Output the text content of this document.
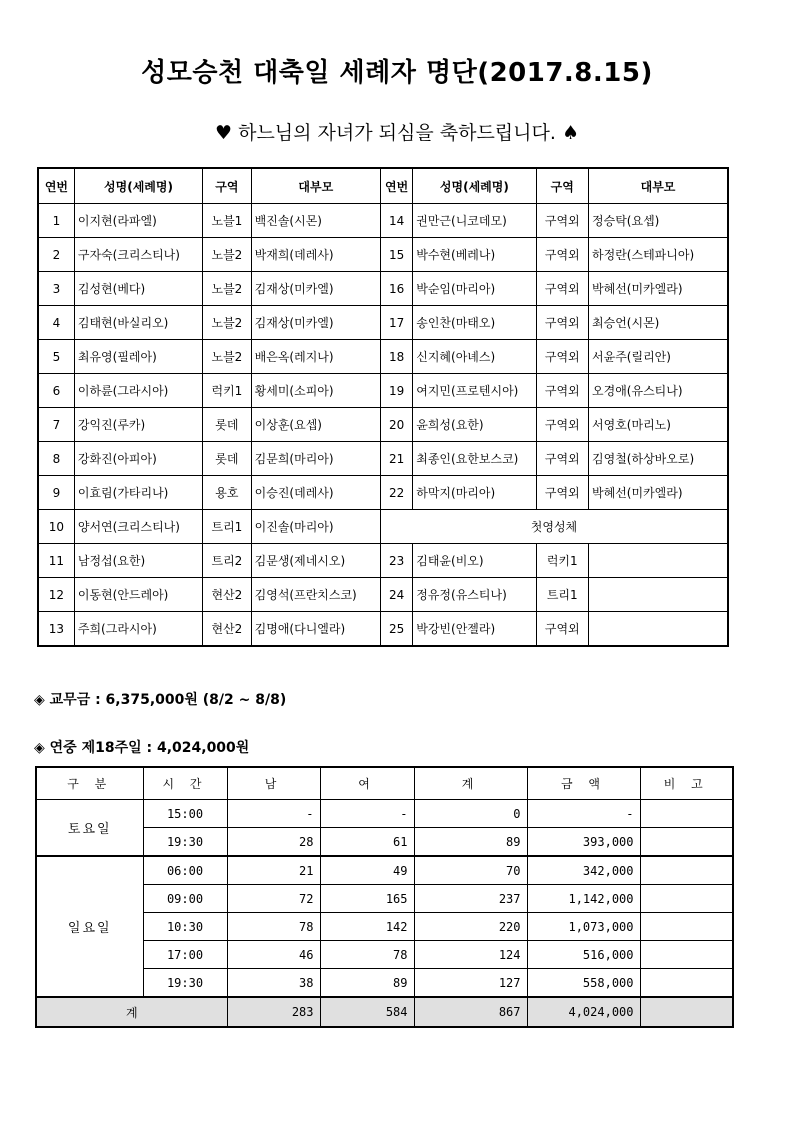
성모승천 대축일 세례자 명단(2017.8.15)
♥ 하느님의 자녀가 되심을 축하드립니다. ♠
연번	성명(세례명)	구역	대부모	연번	성명(세례명)	구역	대부모
1	이지현(라파엘)	노블1	백진솔(시몬)	14	권만근(니코데모)	구역외	정승탁(요셉)
2	구자숙(크리스티나)	노블2	박재희(데레사)	15	박수현(베레나)	구역외	하정란(스테파니아)
3	김성현(베다)	노블2	김재상(미카엘)	16	박순임(마리아)	구역외	박혜선(미카엘라)
4	김태현(바실리오)	노블2	김재상(미카엘)	17	송인찬(마태오)	구역외	최승언(시몬)
5	최유영(필레아)	노블2	배은옥(레지나)	18	신지혜(아녜스)	구역외	서윤주(릴리안)
6	이하륜(그라시아)	럭키1	황세미(소피아)	19	여지민(프로텐시아)	구역외	오경애(유스티나)
7	강익진(루카)	롯데	이상훈(요셉)	20	윤희성(요한)	구역외	서영호(마리노)
8	강화진(아피아)	롯데	김문희(마리아)	21	최종인(요한보스코)	구역외	김영철(하상바오로)
9	이효림(가타리나)	용호	이승진(데레사)	22	하막지(마리아)	구역외	박혜선(미카엘라)
10	양서연(크리스티나)	트리1	이진솔(마리아)	첫영성체			
11	남정섭(요한)	트리2	김문생(제네시오)	23	김태윤(비오)	럭키1	
12	이동현(안드레아)	현산2	김영석(프란치스코)	24	정유정(유스티나)	트리1	
13	주희(그라시아)	현산2	김명애(다니엘라)	25	박강빈(안젤라)	구역외	
◈ 교무금 : 6,375,000원 (8/2 ~ 8/8)
◈ 연중 제18주일 : 4,024,000원
구 분	시 간	남	여	계	금 액	비 고
토요일	15:00	-	-	0	-	
	19:30	28	61	89	393,000	
일요일	06:00	21	49	70	342,000	
	09:00	72	165	237	1,142,000	
	10:30	78	142	220	1,073,000	
	17:00	46	78	124	516,000	
	19:30	38	89	127	558,000	
계		283	584	867	4,024,000	
